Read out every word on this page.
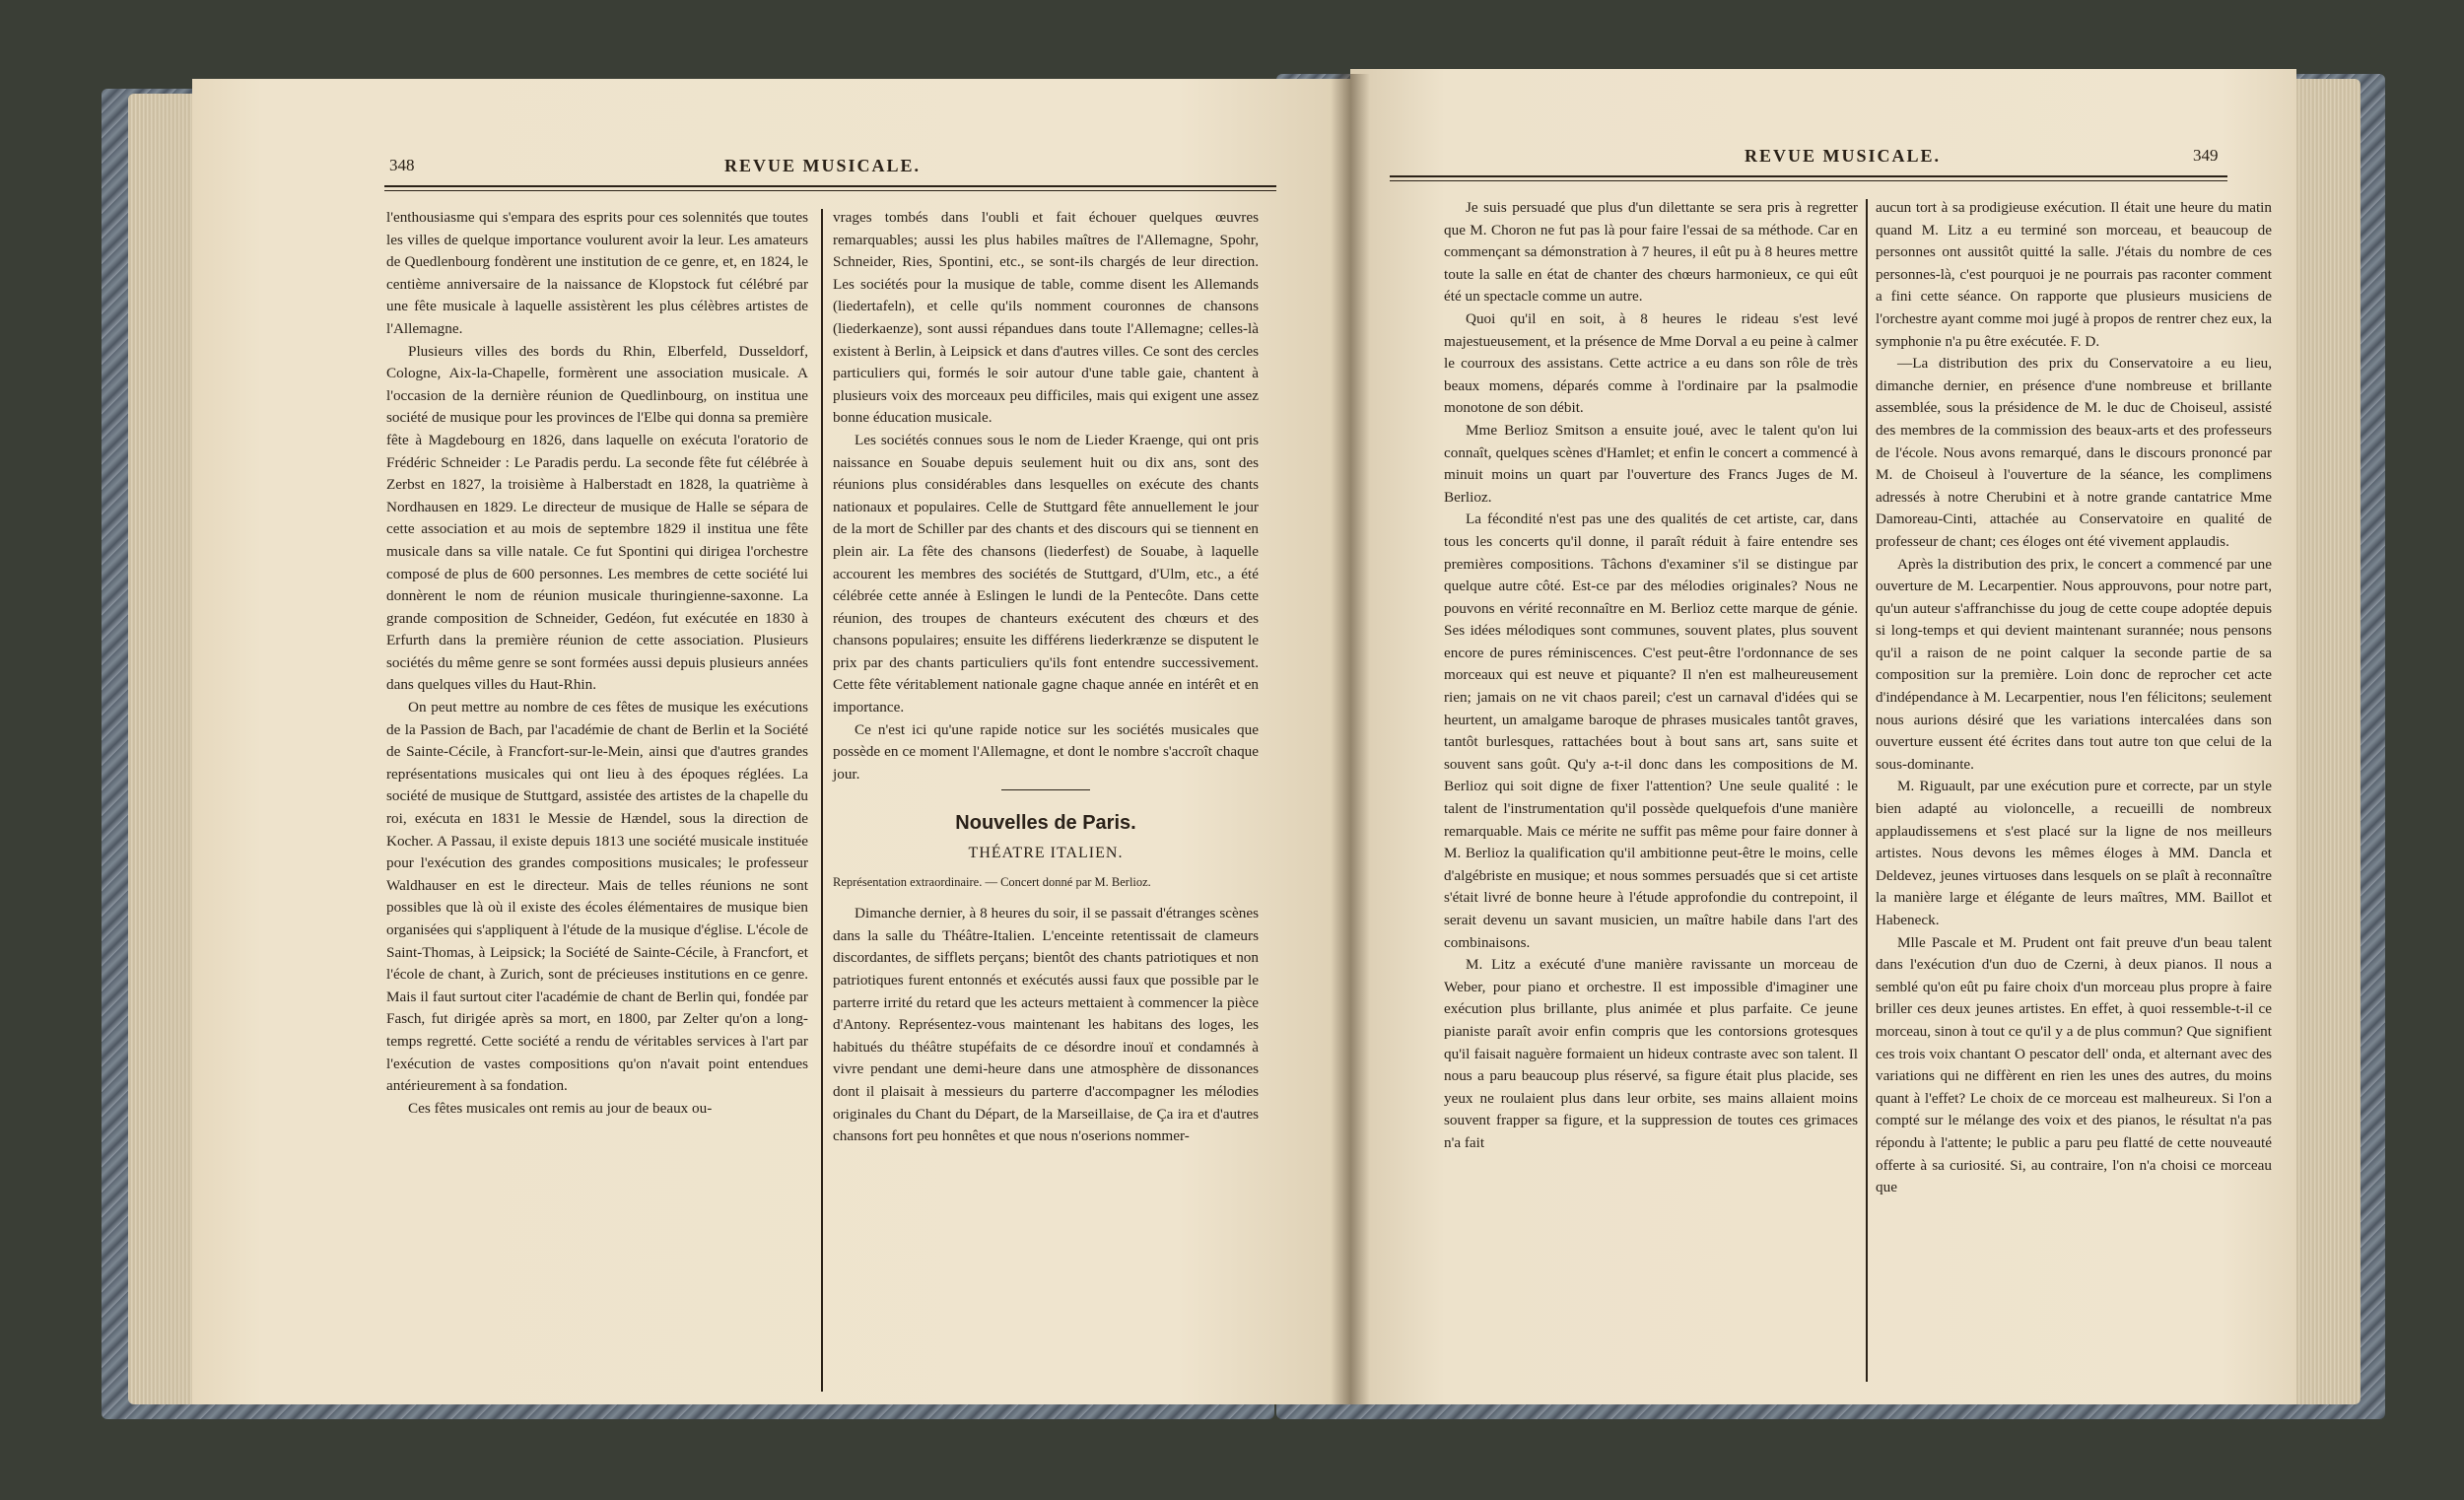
348	REVUE MUSICALE.

l'enthousiasme qui s'empara des esprits pour ces solennités que toutes les villes de quelque importance voulurent avoir la leur. Les amateurs de Quedlenbourg fondèrent une institution de ce genre, et, en 1824, le centième anniversaire de la naissance de Klopstock fut célébré par une fête musicale à laquelle assistèrent les plus célèbres artistes de l'Allemagne.

Plusieurs villes des bords du Rhin, Elberfeld, Dusseldorf, Cologne, Aix-la-Chapelle, formèrent une association musicale. A l'occasion de la dernière réunion de Quedlinbourg, on institua une société de musique pour les provinces de l'Elbe qui donna sa première fête à Magdebourg en 1826, dans laquelle on exécuta l'oratorio de Frédéric Schneider : Le Paradis perdu. La seconde fête fut célébrée à Zerbst en 1827, la troisième à Halberstadt en 1828, la quatrième à Nordhausen en 1829. Le directeur de musique de Halle se sépara de cette association et au mois de septembre 1829 il institua une fête musicale dans sa ville natale. Ce fut Spontini qui dirigea l'orchestre composé de plus de 600 personnes. Les membres de cette société lui donnèrent le nom de réunion musicale thuringienne-saxonne. La grande composition de Schneider, Gedéon, fut exécutée en 1830 à Erfurth dans la première réunion de cette association. Plusieurs sociétés du même genre se sont formées aussi depuis plusieurs années dans quelques villes du Haut-Rhin.

On peut mettre au nombre de ces fêtes de musique les exécutions de la Passion de Bach, par l'académie de chant de Berlin et la Société de Sainte-Cécile, à Francfort-sur-le-Mein, ainsi que d'autres grandes représentations musicales qui ont lieu à des époques réglées. La société de musique de Stuttgard, assistée des artistes de la chapelle du roi, exécuta en 1831 le Messie de Hændel, sous la direction de Kocher. A Passau, il existe depuis 1813 une société musicale instituée pour l'exécution des grandes compositions musicales; le professeur Waldhauser en est le directeur. Mais de telles réunions ne sont possibles que là où il existe des écoles élémentaires de musique bien organisées qui s'appliquent à l'étude de la musique d'église. L'école de Saint-Thomas, à Leipsick; la Société de Sainte-Cécile, à Francfort, et l'école de chant, à Zurich, sont de précieuses institutions en ce genre. Mais il faut surtout citer l'académie de chant de Berlin qui, fondée par Fasch, fut dirigée après sa mort, en 1800, par Zelter qu'on a long-temps regretté. Cette société a rendu de véritables services à l'art par l'exécution de vastes compositions qu'on n'avait point entendues antérieurement à sa fondation.

Ces fêtes musicales ont remis au jour de beaux ou-

vrages tombés dans l'oubli et fait échouer quelques œuvres remarquables; aussi les plus habiles maîtres de l'Allemagne, Spohr, Schneider, Ries, Spontini, etc., se sont-ils chargés de leur direction. Les sociétés pour la musique de table, comme disent les Allemands (liedertafeln), et celle qu'ils nomment couronnes de chansons (liederkaenze), sont aussi répandues dans toute l'Allemagne; celles-là existent à Berlin, à Leipsick et dans d'autres villes. Ce sont des cercles particuliers qui, formés le soir autour d'une table gaie, chantent à plusieurs voix des morceaux peu difficiles, mais qui exigent une assez bonne éducation musicale.

Les sociétés connues sous le nom de Lieder Kraenge, qui ont pris naissance en Souabe depuis seulement huit ou dix ans, sont des réunions plus considérables dans lesquelles on exécute des chants nationaux et populaires. Celle de Stuttgard fête annuellement le jour de la mort de Schiller par des chants et des discours qui se tiennent en plein air. La fête des chansons (liederfest) de Souabe, à laquelle accourent les membres des sociétés de Stuttgard, d'Ulm, etc., a été célébrée cette année à Eslingen le lundi de la Pentecôte. Dans cette réunion, des troupes de chanteurs exécutent des chœurs et des chansons populaires; ensuite les différens liederkrænze se disputent le prix par des chants particuliers qu'ils font entendre successivement. Cette fête véritablement nationale gagne chaque année en intérêt et en importance.

Ce n'est ici qu'une rapide notice sur les sociétés musicales que possède en ce moment l'Allemagne, et dont le nombre s'accroît chaque jour.

Nouvelles de Paris.
THÉATRE ITALIEN.
Représentation extraordinaire. — Concert donné par M. Berlioz.

Dimanche dernier, à 8 heures du soir, il se passait d'étranges scènes dans la salle du Théâtre-Italien. L'enceinte retentissait de clameurs discordantes, de sifflets perçans; bientôt des chants patriotiques et non patriotiques furent entonnés et exécutés aussi faux que possible par le parterre irrité du retard que les acteurs mettaient à commencer la pièce d'Antony. Représentez-vous maintenant les habitans des loges, les habitués du théâtre stupéfaits de ce désordre inouï et condamnés à vivre pendant une demi-heure dans une atmosphère de dissonances dont il plaisait à messieurs du parterre d'accompagner les mélodies originales du Chant du Départ, de la Marseillaise, de Ça ira et d'autres chansons fort peu honnêtes et que nous n'oserions nommer-

REVUE MUSICALE.	349

Je suis persuadé que plus d'un dilettante se sera pris à regretter que M. Choron ne fut pas là pour faire l'essai de sa méthode. Car en commençant sa démonstration à 7 heures, il eût pu à 8 heures mettre toute la salle en état de chanter des chœurs harmonieux, ce qui eût été un spectacle comme un autre.

Quoi qu'il en soit, à 8 heures le rideau s'est levé majestueusement, et la présence de Mme Dorval a eu peine à calmer le courroux des assistans. Cette actrice a eu dans son rôle de très beaux momens, déparés comme à l'ordinaire par la psalmodie monotone de son débit.

Mme Berlioz Smitson a ensuite joué, avec le talent qu'on lui connaît, quelques scènes d'Hamlet; et enfin le concert a commencé à minuit moins un quart par l'ouverture des Francs Juges de M. Berlioz.

La fécondité n'est pas une des qualités de cet artiste, car, dans tous les concerts qu'il donne, il paraît réduit à faire entendre ses premières compositions. Tâchons d'examiner s'il se distingue par quelque autre côté. Est-ce par des mélodies originales? Nous ne pouvons en vérité reconnaître en M. Berlioz cette marque de génie. Ses idées mélodiques sont communes, souvent plates, plus souvent encore de pures réminiscences. C'est peut-être l'ordonnance de ses morceaux qui est neuve et piquante? Il n'en est malheureusement rien; jamais on ne vit chaos pareil; c'est un carnaval d'idées qui se heurtent, un amalgame baroque de phrases musicales tantôt graves, tantôt burlesques, rattachées bout à bout sans art, sans suite et souvent sans goût. Qu'y a-t-il donc dans les compositions de M. Berlioz qui soit digne de fixer l'attention? Une seule qualité : le talent de l'instrumentation qu'il possède quelquefois d'une manière remarquable. Mais ce mérite ne suffit pas même pour faire donner à M. Berlioz la qualification qu'il ambitionne peut-être le moins, celle d'algébriste en musique; et nous sommes persuadés que si cet artiste s'était livré de bonne heure à l'étude approfondie du contrepoint, il serait devenu un savant musicien, un maître habile dans l'art des combinaisons.

M. Litz a exécuté d'une manière ravissante un morceau de Weber, pour piano et orchestre. Il est impossible d'imaginer une exécution plus brillante, plus animée et plus parfaite. Ce jeune pianiste paraît avoir enfin compris que les contorsions grotesques qu'il faisait naguère formaient un hideux contraste avec son talent. Il nous a paru beaucoup plus réservé, sa figure était plus placide, ses yeux ne roulaient plus dans leur orbite, ses mains allaient moins souvent frapper sa figure, et la suppression de toutes ces grimaces n'a fait

aucun tort à sa prodigieuse exécution. Il était une heure du matin quand M. Litz a eu terminé son morceau, et beaucoup de personnes ont aussitôt quitté la salle. J'étais du nombre de ces personnes-là, c'est pourquoi je ne pourrais pas raconter comment a fini cette séance. On rapporte que plusieurs musiciens de l'orchestre ayant comme moi jugé à propos de rentrer chez eux, la symphonie n'a pu être exécutée. F. D.

—La distribution des prix du Conservatoire a eu lieu, dimanche dernier, en présence d'une nombreuse et brillante assemblée, sous la présidence de M. le duc de Choiseul, assisté des membres de la commission des beaux-arts et des professeurs de l'école. Nous avons remarqué, dans le discours prononcé par M. de Choiseul à l'ouverture de la séance, les complimens adressés à notre Cherubini et à notre grande cantatrice Mme Damoreau-Cinti, attachée au Conservatoire en qualité de professeur de chant; ces éloges ont été vivement applaudis.

Après la distribution des prix, le concert a commencé par une ouverture de M. Lecarpentier. Nous approuvons, pour notre part, qu'un auteur s'affranchisse du joug de cette coupe adoptée depuis si long-temps et qui devient maintenant surannée; nous pensons qu'il a raison de ne point calquer la seconde partie de sa composition sur la première. Loin donc de reprocher cet acte d'indépendance à M. Lecarpentier, nous l'en félicitons; seulement nous aurions désiré que les variations intercalées dans son ouverture eussent été écrites dans tout autre ton que celui de la sous-dominante.

M. Riguault, par une exécution pure et correcte, par un style bien adapté au violoncelle, a recueilli de nombreux applaudissemens et s'est placé sur la ligne de nos meilleurs artistes. Nous devons les mêmes éloges à MM. Dancla et Deldevez, jeunes virtuoses dans lesquels on se plaît à reconnaître la manière large et élégante de leurs maîtres, MM. Baillot et Habeneck.

Mlle Pascale et M. Prudent ont fait preuve d'un beau talent dans l'exécution d'un duo de Czerni, à deux pianos. Il nous a semblé qu'on eût pu faire choix d'un morceau plus propre à faire briller ces deux jeunes artistes. En effet, à quoi ressemble-t-il ce morceau, sinon à tout ce qu'il y a de plus commun? Que signifient ces trois voix chantant O pescator dell' onda, et alternant avec des variations qui ne diffèrent en rien les unes des autres, du moins quant à l'effet? Le choix de ce morceau est malheureux. Si l'on a compté sur le mélange des voix et des pianos, le résultat n'a pas répondu à l'attente; le public a paru peu flatté de cette nouveauté offerte à sa curiosité. Si, au contraire, l'on n'a choisi ce morceau que
